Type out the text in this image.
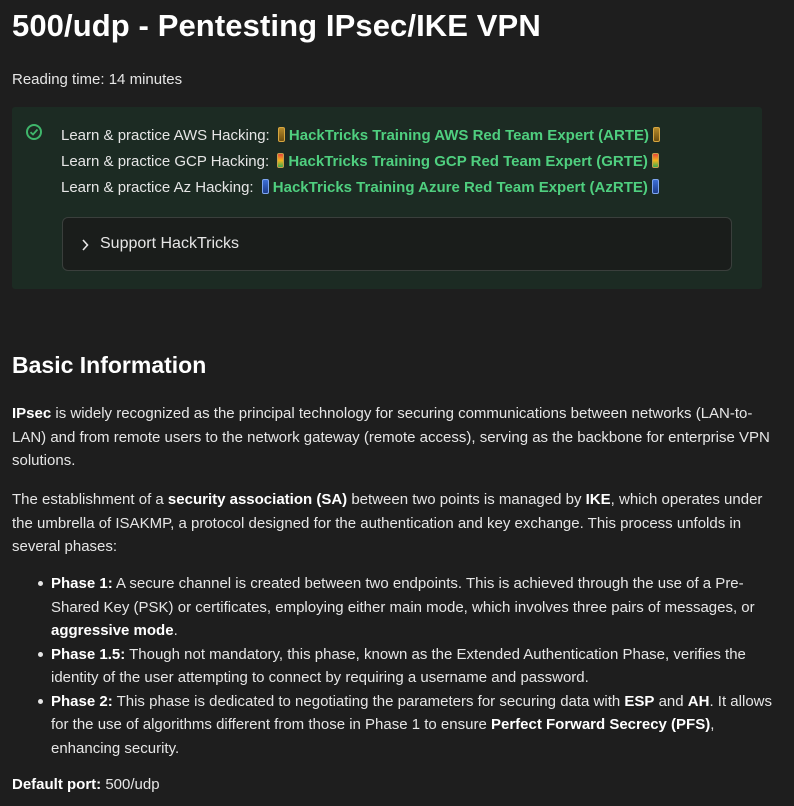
500/udp - Pentesting IPsec/IKE VPN
Reading time: 14 minutes
Learn & practice AWS Hacking: HackTricks Training AWS Red Team Expert (ARTE)
Learn & practice GCP Hacking: HackTricks Training GCP Red Team Expert (GRTE)
Learn & practice Az Hacking: HackTricks Training Azure Red Team Expert (AzRTE)
Support HackTricks
Basic Information

IPsec is widely recognized as the principal technology for securing communications between networks (LAN-to-LAN) and from remote users to the network gateway (remote access), serving as the backbone for enterprise VPN solutions.

The establishment of a security association (SA) between two points is managed by IKE, which operates under the umbrella of ISAKMP, a protocol designed for the authentication and key exchange. This process unfolds in several phases:

Phase 1: A secure channel is created between two endpoints. This is achieved through the use of a Pre-Shared Key (PSK) or certificates, employing either main mode, which involves three pairs of messages, or aggressive mode.
Phase 1.5: Though not mandatory, this phase, known as the Extended Authentication Phase, verifies the identity of the user attempting to connect by requiring a username and password.
Phase 2: This phase is dedicated to negotiating the parameters for securing data with ESP and AH. It allows for the use of algorithms different from those in Phase 1 to ensure Perfect Forward Secrecy (PFS), enhancing security.
Default port: 500/udp
